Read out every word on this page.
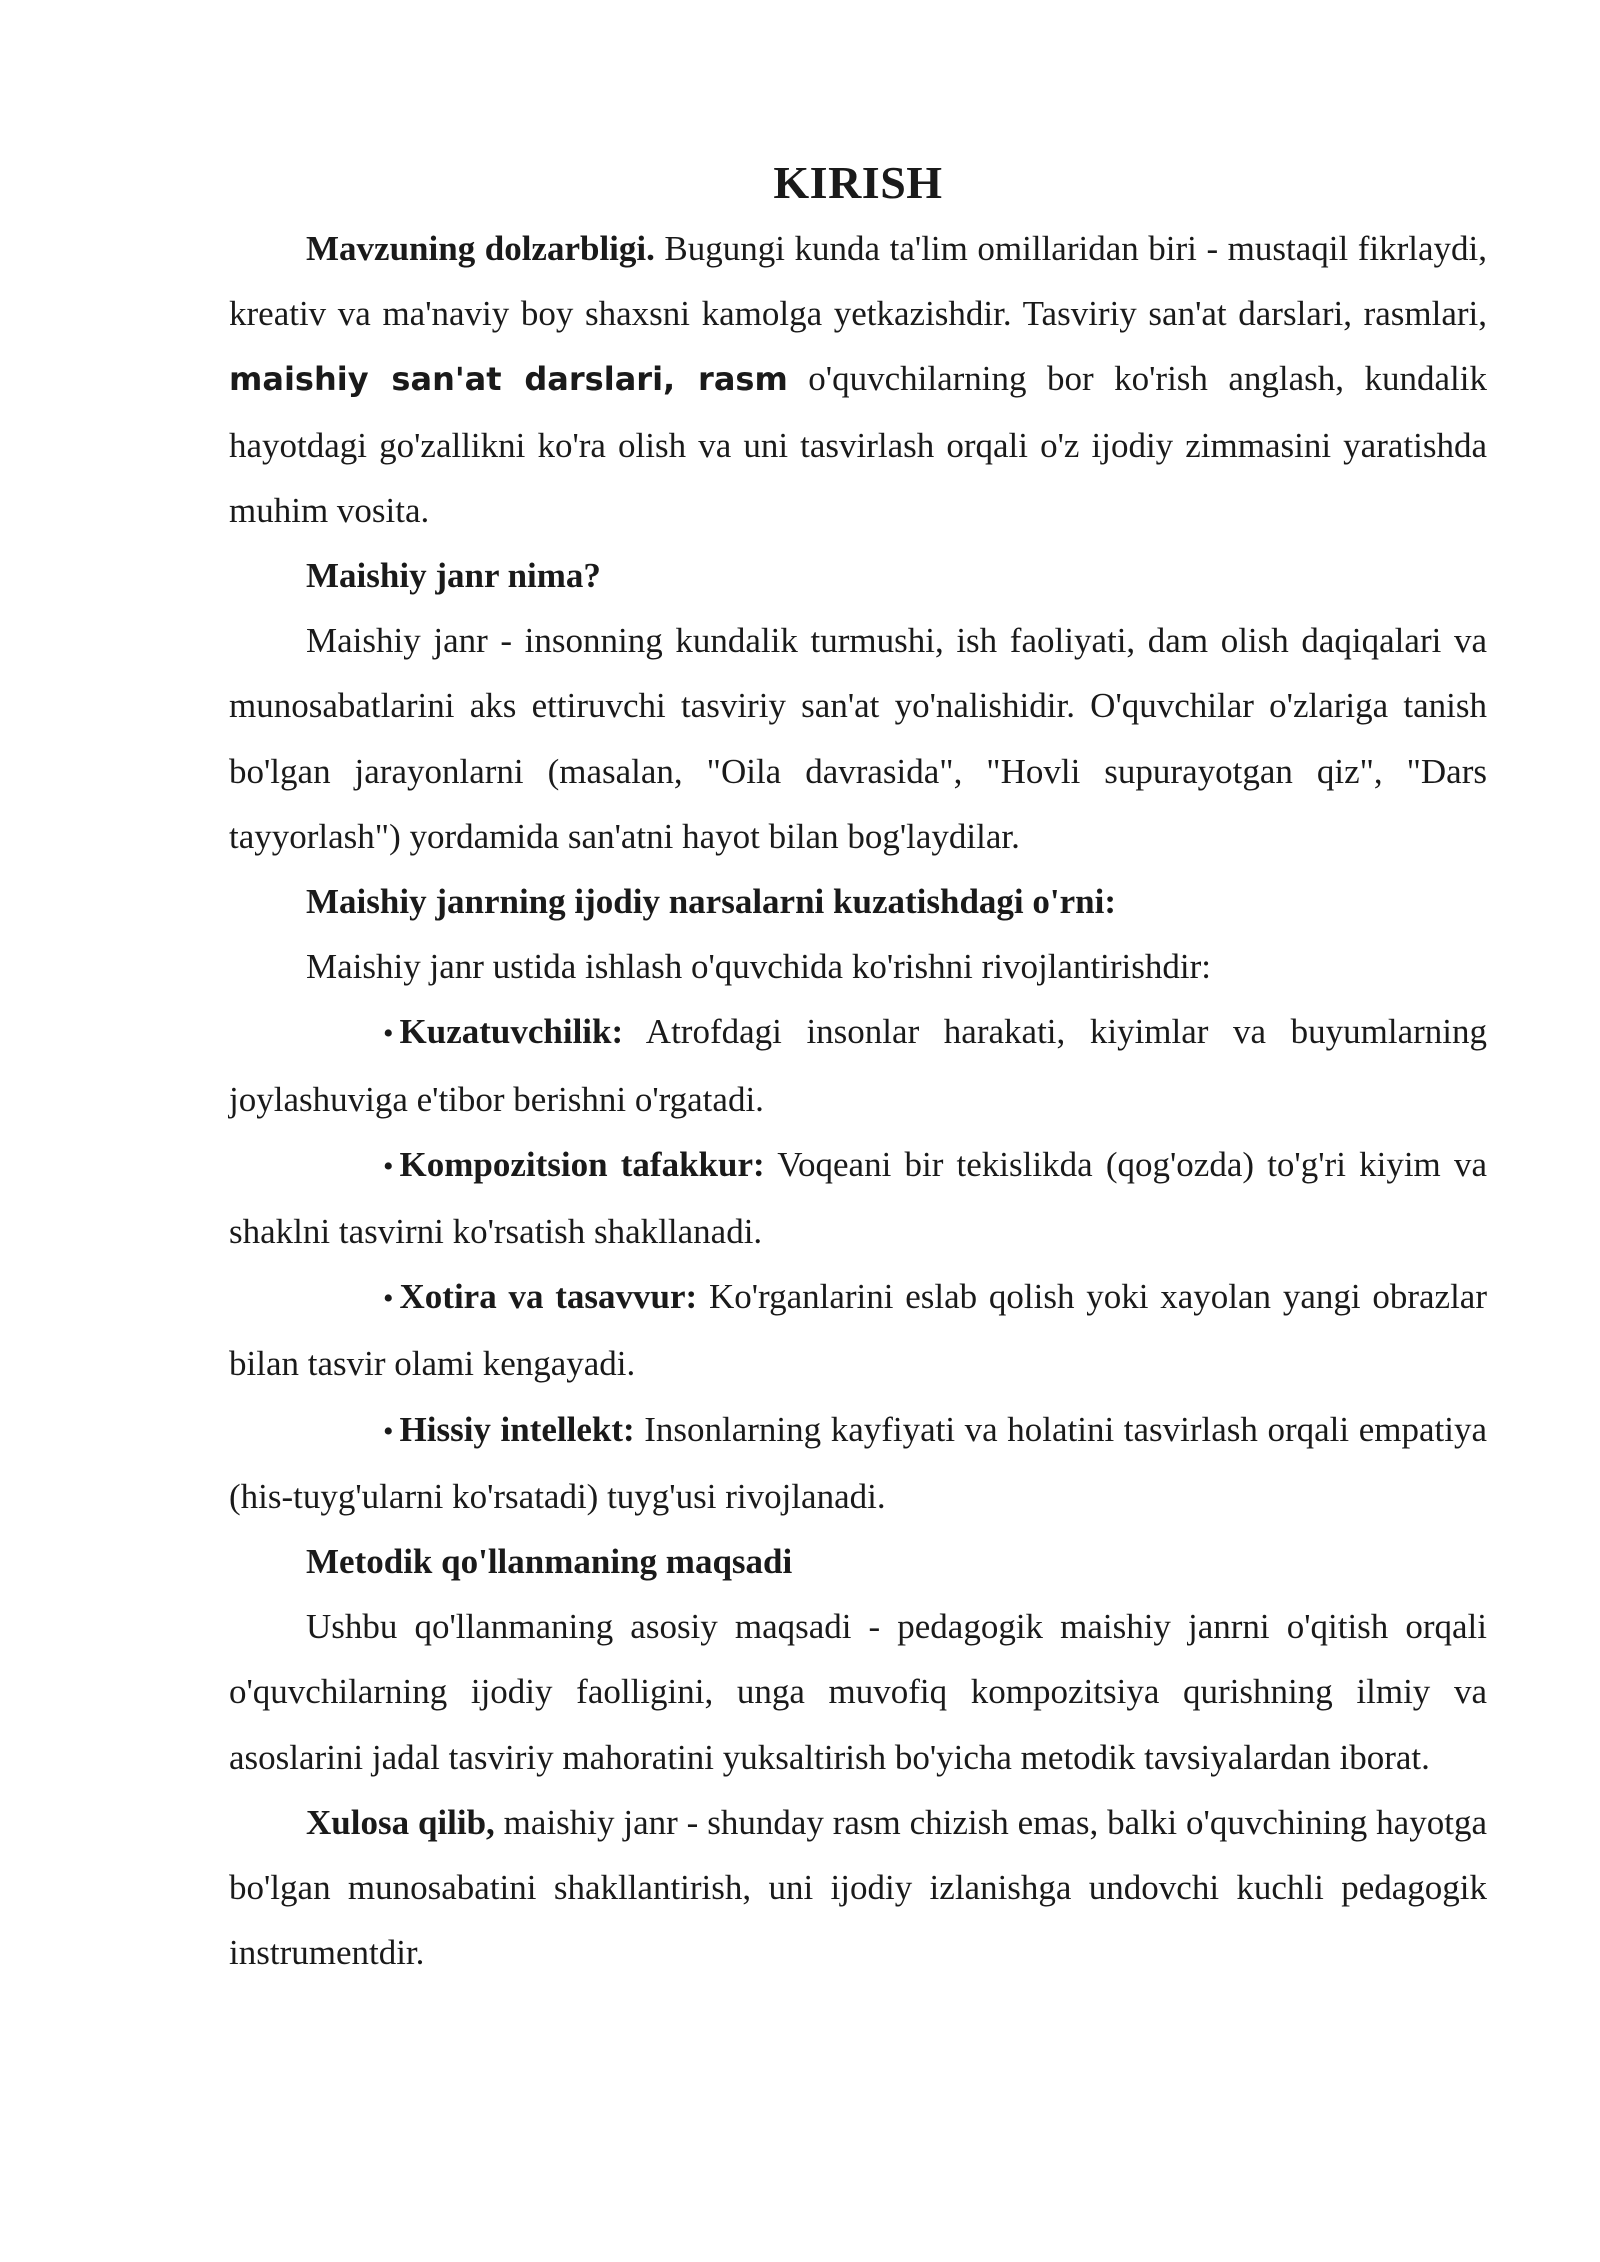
KIRISH

Mavzuning dolzarbligi. Bugungi kunda ta'lim omillaridan biri - mustaqil fikrlaydi, kreativ va ma'naviy boy shaxsni kamolga yetkazishdir. Tasviriy san'at darslari, rasmlari, maishiy san'at darslari, rasm o'quvchilarning bor ko'rish anglash, kundalik hayotdagi go'zallikni ko'ra olish va uni tasvirlash orqali o'z ijodiy zimmasini yaratishda muhim vosita.

Maishiy janr nima?

Maishiy janr - insonning kundalik turmushi, ish faoliyati, dam olish daqiqalari va munosabatlarini aks ettiruvchi tasviriy san'at yo'nalishidir. O'quvchilar o'zlariga tanish bo'lgan jarayonlarni (masalan, "Oila davrasida", "Hovli supurayotgan qiz", "Dars tayyorlash") yordamida san'atni hayot bilan bog'laydilar.

Maishiy janrning ijodiy narsalarni kuzatishdagi o'rni:

Maishiy janr ustida ishlash o'quvchida ko'rishni rivojlantirishdir:

• Kuzatuvchilik: Atrofdagi insonlar harakati, kiyimlar va buyumlarning joylashuviga e'tibor berishni o'rgatadi.

• Kompozitsion tafakkur: Voqeani bir tekislikda (qog'ozda) to'g'ri kiyim va shaklni tasvirni ko'rsatish shakllanadi.

• Xotira va tasavvur: Ko'rganlarini eslab qolish yoki xayolan yangi obrazlar bilan tasvir olami kengayadi.

• Hissiy intellekt: Insonlarning kayfiyati va holatini tasvirlash orqali empatiya (his-tuyg'ularni ko'rsatadi) tuyg'usi rivojlanadi.

Metodik qo'llanmaning maqsadi

Ushbu qo'llanmaning asosiy maqsadi - pedagogik maishiy janrni o'qitish orqali o'quvchilarning ijodiy faolligini, unga muvofiq kompozitsiya qurishning ilmiy va asoslarini jadal tasviriy mahoratini yuksaltirish bo'yicha metodik tavsiyalardan iborat.

Xulosa qilib, maishiy janr - shunday rasm chizish emas, balki o'quvchining hayotga bo'lgan munosabatini shakllantirish, uni ijodiy izlanishga undovchi kuchli pedagogik instrumentdir.
